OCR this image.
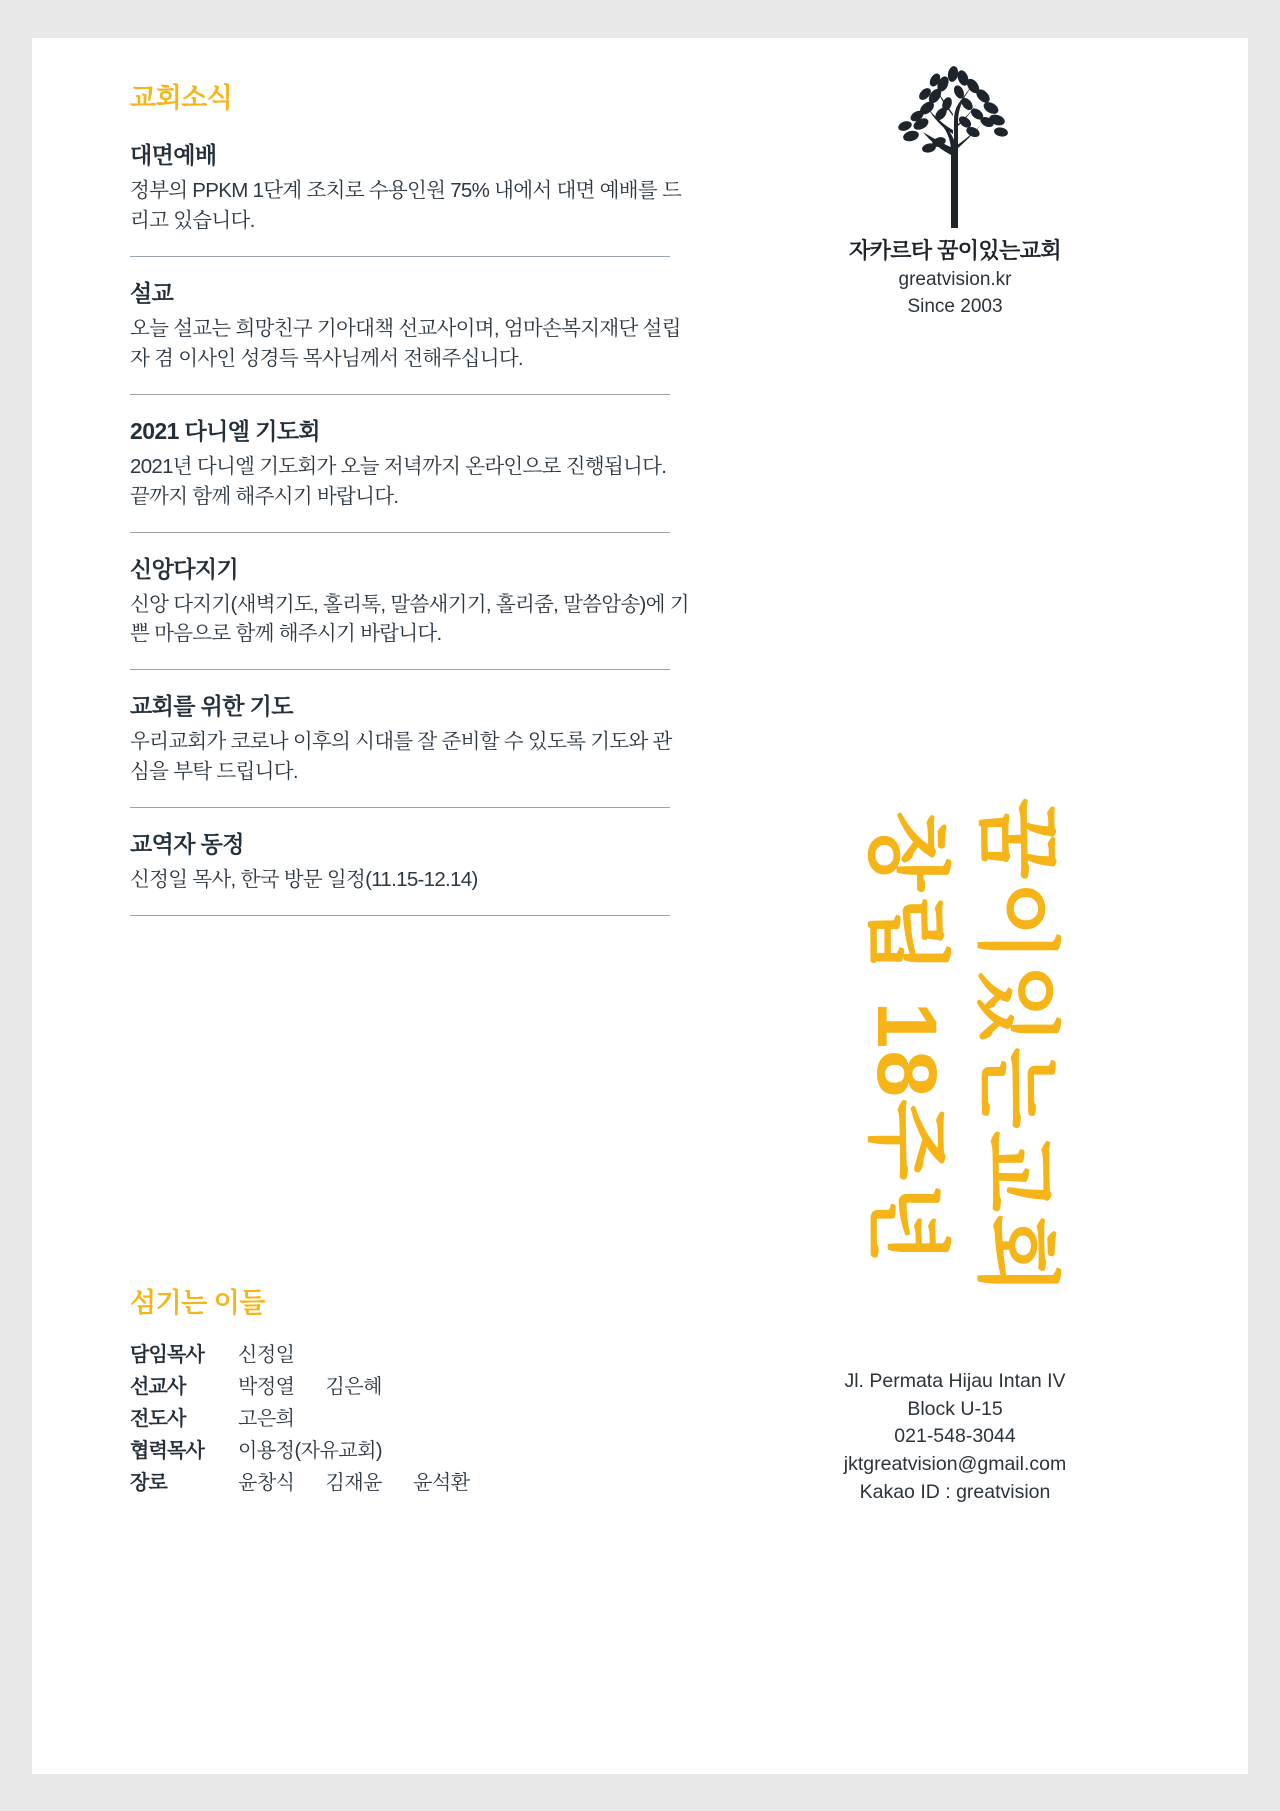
교회소식
대면예배

정부의 PPKM 1단계 조치로 수용인원 75% 내에서 대면 예배를 드리고 있습니다.

설교

오늘 설교는 희망친구 기아대책 선교사이며, 엄마손복지재단 설립자 겸 이사인 성경득 목사님께서 전해주십니다.

2021 다니엘 기도회

2021년 다니엘 기도회가 오늘 저녁까지 온라인으로 진행됩니다. 끝까지 함께 해주시기 바랍니다.

신앙다지기

신앙 다지기(새벽기도, 홀리톡, 말씀새기기, 홀리줌, 말씀암송)에 기쁜 마음으로 함께 해주시기 바랍니다.

교회를 위한 기도

우리교회가 코로나 이후의 시대를 잘 준비할 수 있도록 기도와 관심을 부탁 드립니다.

교역자 동정

신정일 목사, 한국 방문 일정(11.15-12.14)

자카르타 꿈이있는교회
greatvision.kr
Since 2003
꿈이있는교회
창립 18주년
Jl. Permata Hijau Intan IV
Block U-15
021-548-3044
jktgreatvision@gmail.com
Kakao ID : greatvision
섬기는 이들
담임목사	신정일
선교사	박정열 김은혜
전도사	고은희
협력목사	이용정(자유교회)
장로	윤창식 김재윤 윤석환
